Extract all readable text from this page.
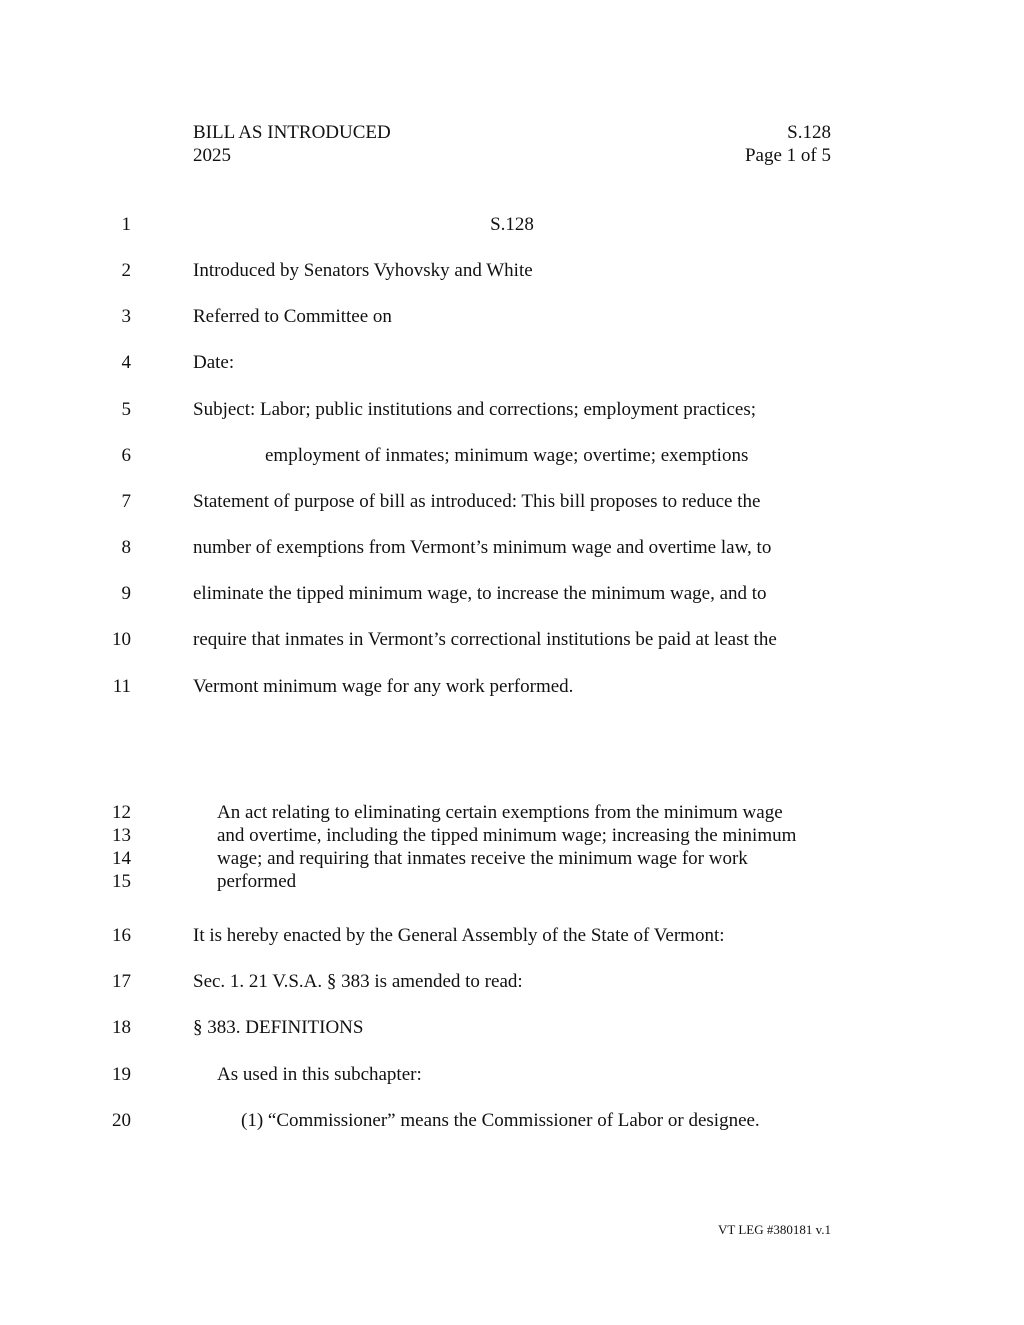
BILL AS INTRODUCED	S.128
2025	Page 1 of 5
1	S.128
2	Introduced by Senators Vyhovsky and White
3	Referred to Committee on
4	Date:
5	Subject: Labor; public institutions and corrections; employment practices;
6	employment of inmates; minimum wage; overtime; exemptions
7	Statement of purpose of bill as introduced: This bill proposes to reduce the
8	number of exemptions from Vermont’s minimum wage and overtime law, to
9	eliminate the tipped minimum wage, to increase the minimum wage, and to
10	require that inmates in Vermont’s correctional institutions be paid at least the
11	Vermont minimum wage for any work performed.
12	An act relating to eliminating certain exemptions from the minimum wage
13	and overtime, including the tipped minimum wage; increasing the minimum
14	wage; and requiring that inmates receive the minimum wage for work
15	performed
16	It is hereby enacted by the General Assembly of the State of Vermont:
17	Sec. 1. 21 V.S.A. § 383 is amended to read:
18	§ 383. DEFINITIONS
19	As used in this subchapter:
20	(1) “Commissioner” means the Commissioner of Labor or designee.
VT LEG #380181 v.1
